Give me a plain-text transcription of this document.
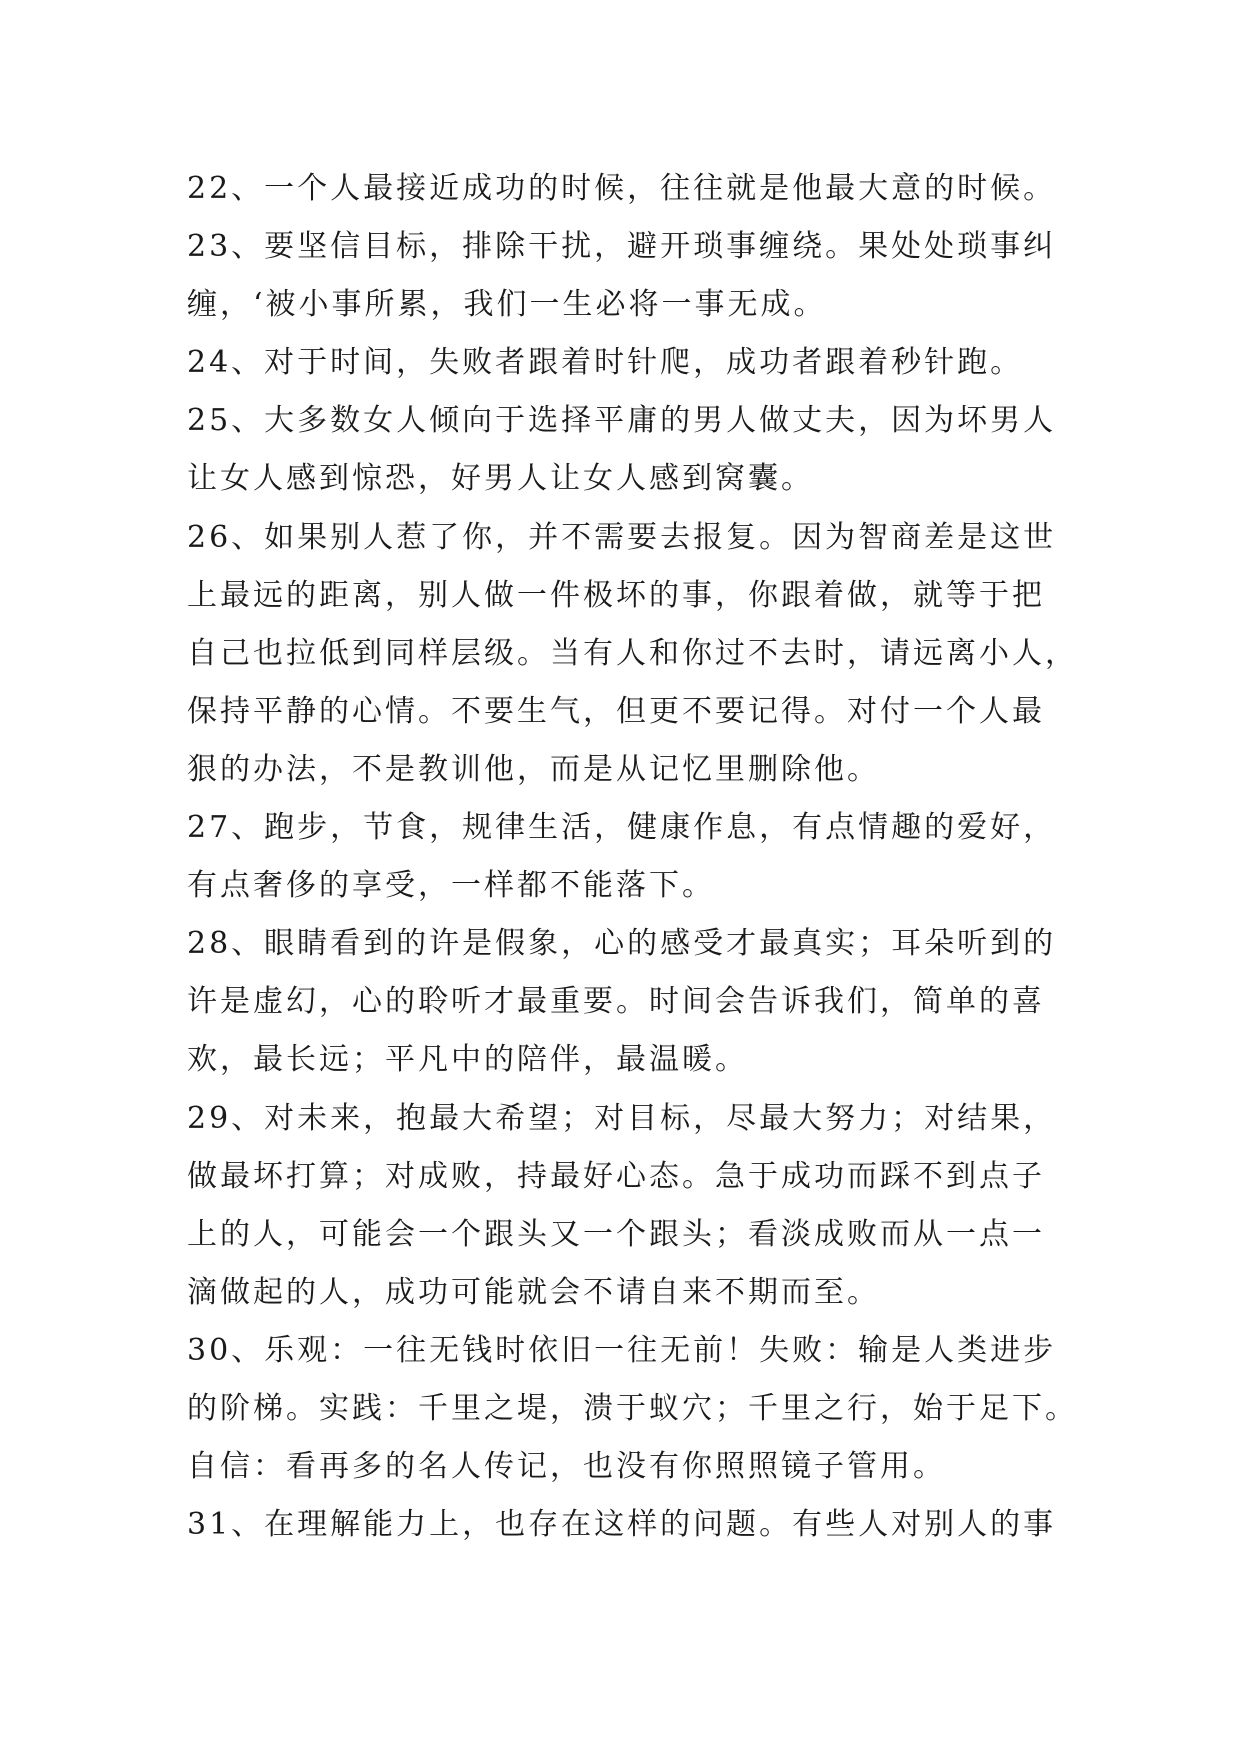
22、一个人最接近成功的时候，往往就是他最大意的时候。
23、要坚信目标，排除干扰，避开琐事缠绕。果处处琐事纠
缠，‘被小事所累，我们一生必将一事无成。
24、对于时间，失败者跟着时针爬，成功者跟着秒针跑。
25、大多数女人倾向于选择平庸的男人做丈夫，因为坏男人
让女人感到惊恐，好男人让女人感到窝囊。
26、如果别人惹了你，并不需要去报复。因为智商差是这世
上最远的距离，别人做一件极坏的事，你跟着做，就等于把
自己也拉低到同样层级。当有人和你过不去时，请远离小人，
保持平静的心情。不要生气，但更不要记得。对付一个人最
狠的办法，不是教训他，而是从记忆里删除他。
27、跑步，节食，规律生活，健康作息，有点情趣的爱好，
有点奢侈的享受，一样都不能落下。
28、眼睛看到的许是假象，心的感受才最真实；耳朵听到的
许是虚幻，心的聆听才最重要。时间会告诉我们，简单的喜
欢，最长远；平凡中的陪伴，最温暖。
29、对未来，抱最大希望；对目标，尽最大努力；对结果，
做最坏打算；对成败，持最好心态。急于成功而踩不到点子
上的人，可能会一个跟头又一个跟头；看淡成败而从一点一
滴做起的人，成功可能就会不请自来不期而至。
30、乐观：一往无钱时依旧一往无前！失败：输是人类进步
的阶梯。实践：千里之堤，溃于蚁穴；千里之行，始于足下。
自信：看再多的名人传记，也没有你照照镜子管用。
31、在理解能力上，也存在这样的问题。有些人对别人的事
